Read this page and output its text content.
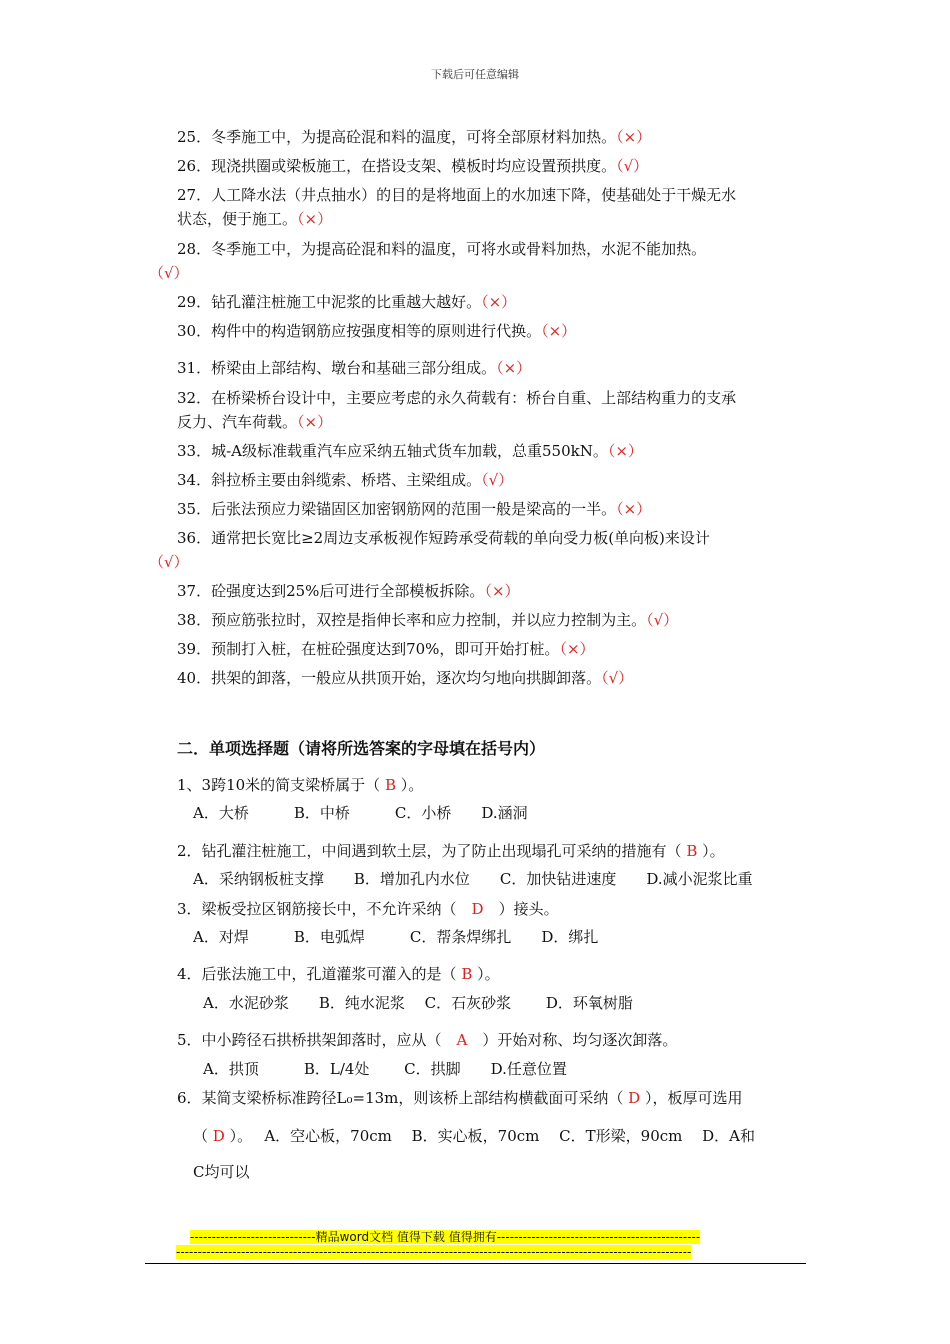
下载后可任意编辑
25．冬季施工中，为提高砼混和料的温度，可将全部原材料加热。（×）
26．现浇拱圈或梁板施工，在搭设支架、模板时均应设置预拱度。（√）
27．人工降水法（井点抽水）的目的是将地面上的水加速下降，使基础处于干燥无水
状态，便于施工。（×）
28．冬季施工中，为提高砼混和料的温度，可将水或骨料加热，水泥不能加热。
（√）
29．钻孔灌注桩施工中泥浆的比重越大越好。（×）
30．构件中的构造钢筋应按强度相等的原则进行代换。（×）
31．桥梁由上部结构、墩台和基础三部分组成。（×）
32．在桥梁桥台设计中，主要应考虑的永久荷载有：桥台自重、上部结构重力的支承
反力、汽车荷载。（×）
33．城-A级标准载重汽车应采纳五轴式货车加载，总重550kN。（×）
34．斜拉桥主要由斜缆索、桥塔、主梁组成。（√）
35．后张法预应力梁锚固区加密钢筋网的范围一般是梁高的一半。（×）
36．通常把长宽比≥2周边支承板视作短跨承受荷载的单向受力板(单向板)来设计
（√）
37．砼强度达到25%后可进行全部模板拆除。（×）
38．预应筋张拉时，双控是指伸长率和应力控制，并以应力控制为主。（√）
39．预制打入桩，在桩砼强度达到70%，即可开始打桩。（×）
40．拱架的卸落，一般应从拱顶开始，逐次均匀地向拱脚卸落。（√）
二．单项选择题（请将所选答案的字母填在括号内）
1、3跨10米的简支梁桥属于（ B ）。
A．大桥　　　B．中桥　　　C．小桥　　D.涵洞
2．钻孔灌注桩施工，中间遇到软土层，为了防止出现塌孔可采纳的措施有（ B ）。
A．采纳钢板桩支撑　　B．增加孔内水位　　C．加快钻进速度　　D.减小泥浆比重
3．梁板受拉区钢筋接长中，不允许采纳（　D　）接头。
A．对焊　　　B．电弧焊　　　C．帮条焊绑扎　　D．绑扎
4．后张法施工中，孔道灌浆可灌入的是（ B ）。
A．水泥砂浆　　B．纯水泥浆　 C．石灰砂浆　　 D．环氧树脂
5．中小跨径石拱桥拱架卸落时，应从（　A　）开始对称、均匀逐次卸落。
A．拱顶　　　B．L/4处　　 C．拱脚　　D.任意位置
6．某简支梁桥标准跨径L₀=13m，则该桥上部结构横截面可采纳（ D ），板厚可选用
（ D ）。　 A．空心板，70cm　 B．实心板，70cm　 C．T形梁，90cm　 D．A和
C均可以
-----------------------------精品word文档 值得下载 值得拥有-----------------------------------------------
-----------------------------------------------------------------------------------------------------------------------
